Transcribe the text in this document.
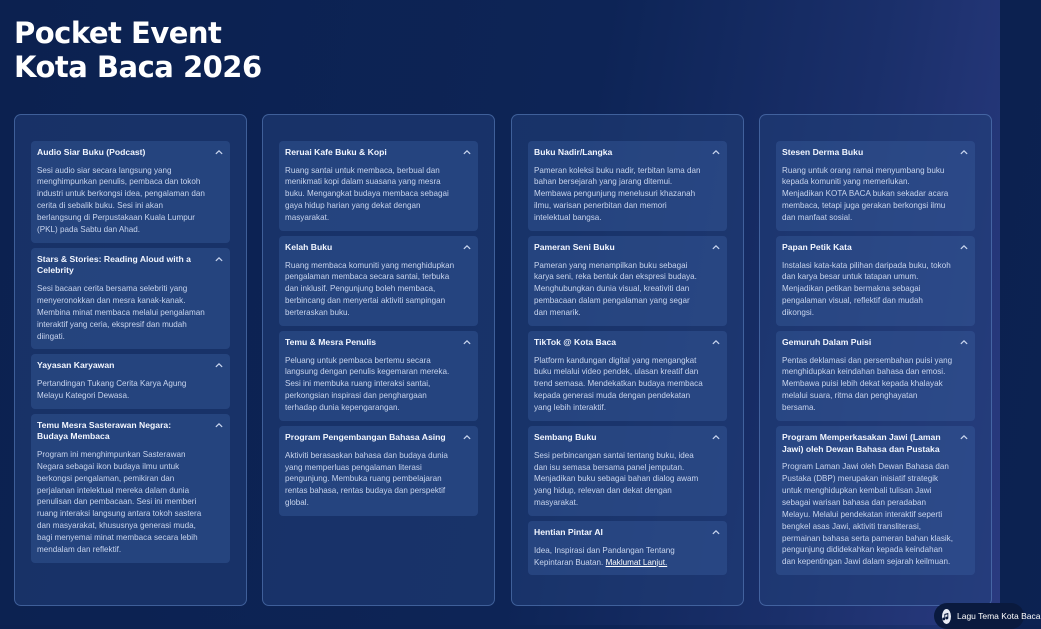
Pocket Event
Kota Baca 2026
Audio Siar Buku (Podcast)
Sesi audio siar secara langsung yang menghimpunkan penulis, pembaca dan tokoh industri untuk berkongsi idea, pengalaman dan cerita di sebalik buku. Sesi ini akan berlangsung di Perpustakaan Kuala Lumpur (PKL) pada Sabtu dan Ahad.
Stars & Stories: Reading Aloud with a Celebrity
Sesi bacaan cerita bersama selebriti yang menyeronokkan dan mesra kanak-kanak. Membina minat membaca melalui pengalaman interaktif yang ceria, ekspresif dan mudah diingati.
Yayasan Karyawan
Pertandingan Tukang Cerita Karya Agung Melayu Kategori Dewasa.
Temu Mesra Sasterawan Negara: Budaya Membaca
Program ini menghimpunkan Sasterawan Negara sebagai ikon budaya ilmu untuk berkongsi pengalaman, pemikiran dan perjalanan intelektual mereka dalam dunia penulisan dan pembacaan. Sesi ini memberi ruang interaksi langsung antara tokoh sastera dan masyarakat, khususnya generasi muda, bagi menyemai minat membaca secara lebih mendalam dan reflektif.
Reruai Kafe Buku & Kopi
Ruang santai untuk membaca, berbual dan menikmati kopi dalam suasana yang mesra buku. Mengangkat budaya membaca sebagai gaya hidup harian yang dekat dengan masyarakat.
Kelah Buku
Ruang membaca komuniti yang menghidupkan pengalaman membaca secara santai, terbuka dan inklusif. Pengunjung boleh membaca, berbincang dan menyertai aktiviti sampingan berteraskan buku.
Temu & Mesra Penulis
Peluang untuk pembaca bertemu secara langsung dengan penulis kegemaran mereka. Sesi ini membuka ruang interaksi santai, perkongsian inspirasi dan penghargaan terhadap dunia kepengarangan.
Program Pengembangan Bahasa Asing
Aktiviti berasaskan bahasa dan budaya dunia yang memperluas pengalaman literasi pengunjung. Membuka ruang pembelajaran rentas bahasa, rentas budaya dan perspektif global.
Buku Nadir/Langka
Pameran koleksi buku nadir, terbitan lama dan bahan bersejarah yang jarang ditemui. Membawa pengunjung menelusuri khazanah ilmu, warisan penerbitan dan memori intelektual bangsa.
Pameran Seni Buku
Pameran yang menampilkan buku sebagai karya seni, reka bentuk dan ekspresi budaya. Menghubungkan dunia visual, kreativiti dan pembacaan dalam pengalaman yang segar dan menarik.
TikTok @ Kota Baca
Platform kandungan digital yang mengangkat buku melalui video pendek, ulasan kreatif dan trend semasa. Mendekatkan budaya membaca kepada generasi muda dengan pendekatan yang lebih interaktif.
Sembang Buku
Sesi perbincangan santai tentang buku, idea dan isu semasa bersama panel jemputan. Menjadikan buku sebagai bahan dialog awam yang hidup, relevan dan dekat dengan masyarakat.
Hentian Pintar AI
Idea, Inspirasi dan Pandangan Tentang Kepintaran Buatan. Maklumat Lanjut.
Stesen Derma Buku
Ruang untuk orang ramai menyumbang buku kepada komuniti yang memerlukan. Menjadikan KOTA BACA bukan sekadar acara membaca, tetapi juga gerakan berkongsi ilmu dan manfaat sosial.
Papan Petik Kata
Instalasi kata-kata pilihan daripada buku, tokoh dan karya besar untuk tatapan umum. Menjadikan petikan bermakna sebagai pengalaman visual, reflektif dan mudah dikongsi.
Gemuruh Dalam Puisi
Pentas deklamasi dan persembahan puisi yang menghidupkan keindahan bahasa dan emosi. Membawa puisi lebih dekat kepada khalayak melalui suara, ritma dan penghayatan bersama.
Program Memperkasakan Jawi (Laman Jawi) oleh Dewan Bahasa dan Pustaka
Program Laman Jawi oleh Dewan Bahasa dan Pustaka (DBP) merupakan inisiatif strategik untuk menghidupkan kembali tulisan Jawi sebagai warisan bahasa dan peradaban Melayu. Melalui pendekatan interaktif seperti bengkel asas Jawi, aktiviti transliterasi, permainan bahasa serta pameran bahan klasik, pengunjung dididekahkan kepada keindahan dan kepentingan Jawi dalam sejarah keilmuan.
Lagu Tema Kota Baca
